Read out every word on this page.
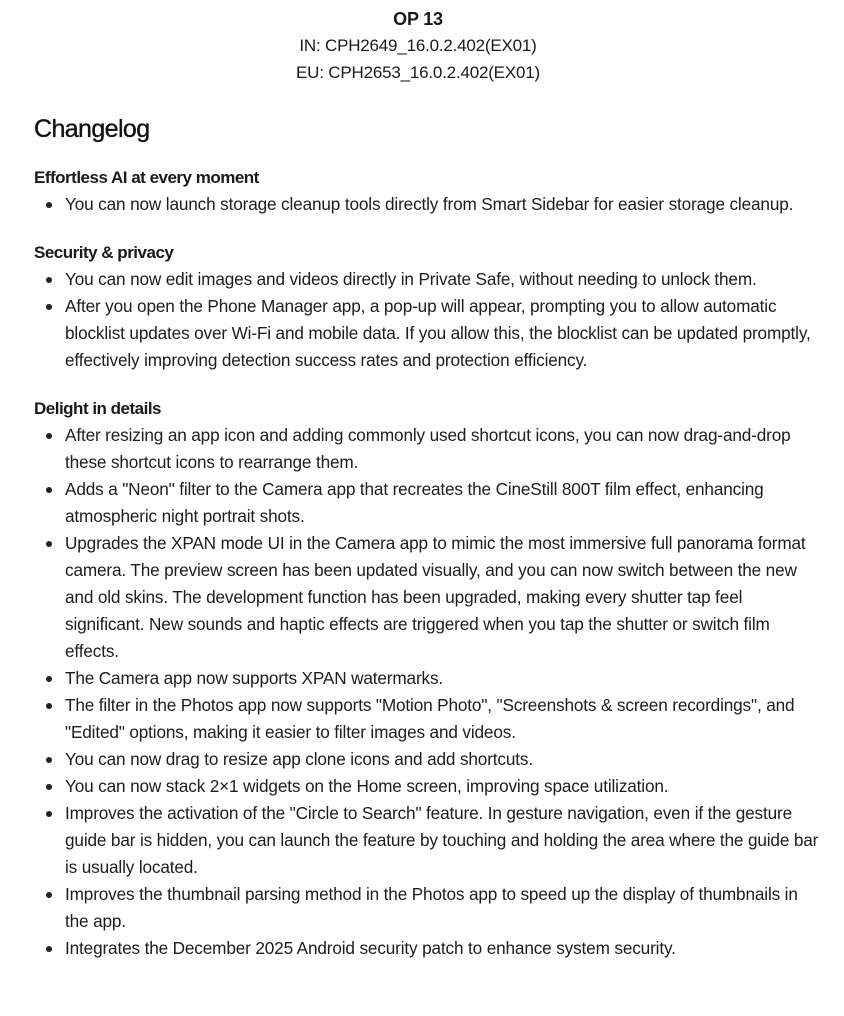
OP 13
IN: CPH2649_16.0.2.402(EX01)
EU: CPH2653_16.0.2.402(EX01)
Changelog
Effortless AI at every moment
You can now launch storage cleanup tools directly from Smart Sidebar for easier storage cleanup.
Security & privacy
You can now edit images and videos directly in Private Safe, without needing to unlock them.
After you open the Phone Manager app, a pop-up will appear, prompting you to allow automatic blocklist updates over Wi-Fi and mobile data. If you allow this, the blocklist can be updated promptly, effectively improving detection success rates and protection efficiency.
Delight in details
After resizing an app icon and adding commonly used shortcut icons, you can now drag-and-drop these shortcut icons to rearrange them.
Adds a "Neon" filter to the Camera app that recreates the CineStill 800T film effect, enhancing atmospheric night portrait shots.
Upgrades the XPAN mode UI in the Camera app to mimic the most immersive full panorama format camera. The preview screen has been updated visually, and you can now switch between the new and old skins. The development function has been upgraded, making every shutter tap feel significant. New sounds and haptic effects are triggered when you tap the shutter or switch film effects.
The Camera app now supports XPAN watermarks.
The filter in the Photos app now supports "Motion Photo", "Screenshots & screen recordings", and "Edited" options, making it easier to filter images and videos.
You can now drag to resize app clone icons and add shortcuts.
You can now stack 2×1 widgets on the Home screen, improving space utilization.
Improves the activation of the "Circle to Search" feature. In gesture navigation, even if the gesture guide bar is hidden, you can launch the feature by touching and holding the area where the guide bar is usually located.
Improves the thumbnail parsing method in the Photos app to speed up the display of thumbnails in the app.
Integrates the December 2025 Android security patch to enhance system security.
